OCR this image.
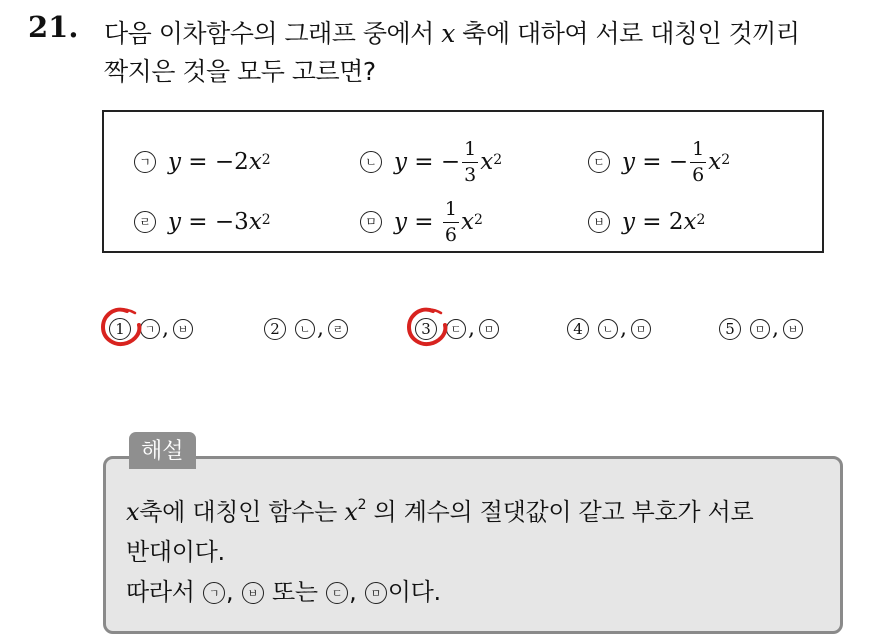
21. 다음 이차함수의 그래프 중에서 x 축에 대하여 서로 대칭인 것끼리
짝지은 것을 모두 고르면?
ㄱ y = −2 x 2	ㄴ y = − $\frac{1}{3}$ x 2	ㄷ y = − $\frac{1}{6}$ x 2
ㄹ y = −3 x 2	ㅁ $y = \frac{1}{6}$ x 2	ㅂ y = 2 x 2
1	ㄱ , ㅂ	2	ㄴ , ㄹ	3	ㄷ , ㅁ	4	ㄴ , ㅁ	5	ㅁ , ㅂ
해설
x축에 대칭인 함수는 $x^2$ 의 계수의 절댓값이 같고 부호가 서로
반대이다.
따라서 ㄱ , ㅂ 또는 ㄷ , ㅁ 이다.
